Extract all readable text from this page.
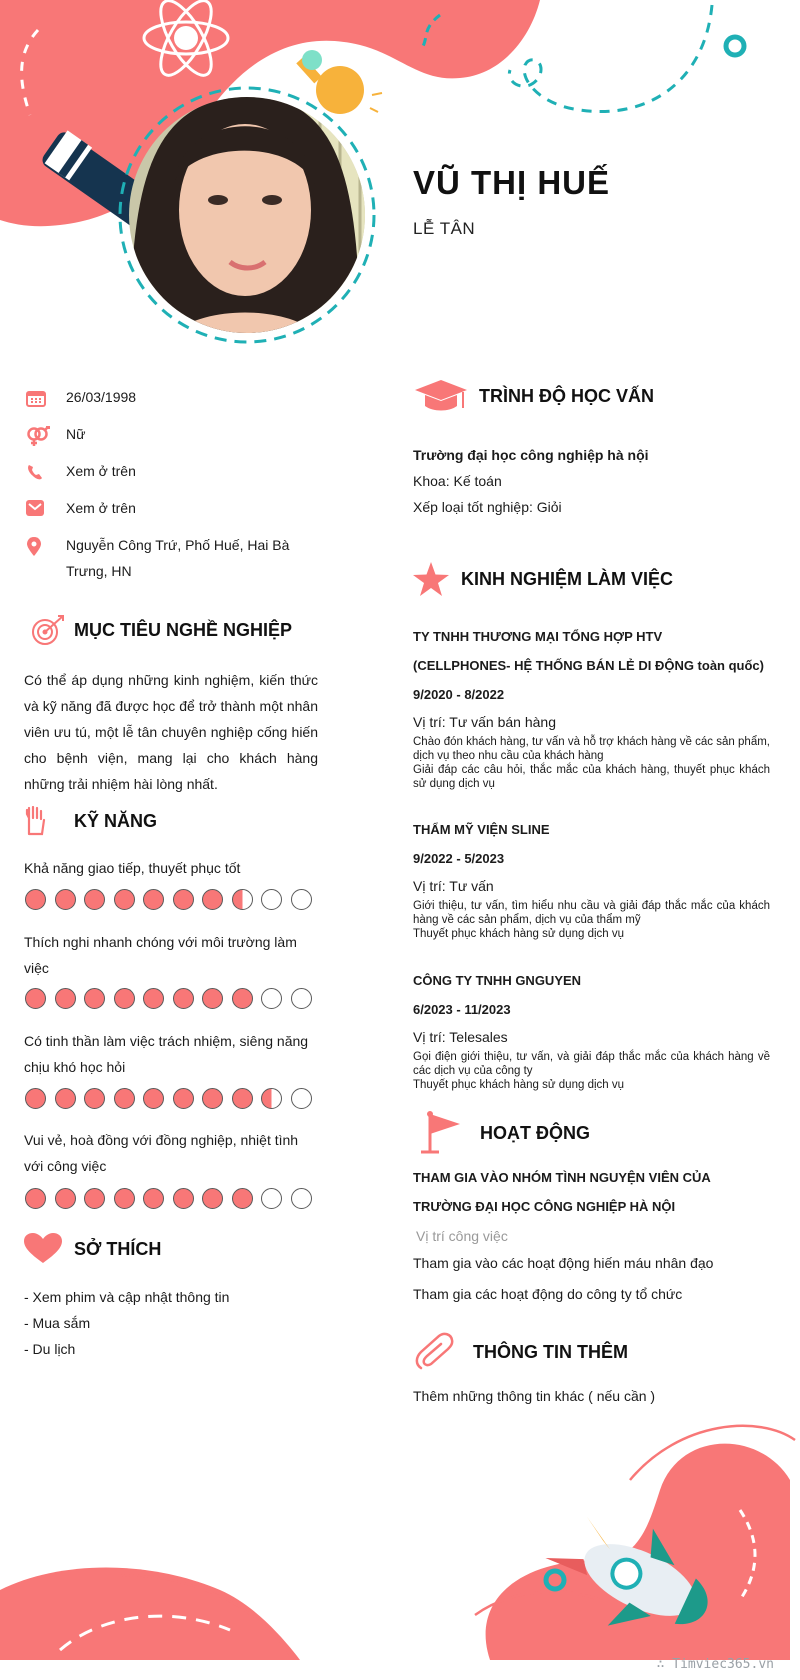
VŨ THỊ HUẾ
LỄ TÂN
26/03/1998
Nữ
Xem ở trên
Xem ở trên
Nguyễn Công Trứ, Phố Huế, Hai Bà Trưng, HN
MỤC TIÊU NGHỀ NGHIỆP
Có thể áp dụng những kinh nghiệm, kiến thức và kỹ năng đã được học để trở thành một nhân viên ưu tú, một lễ tân chuyên nghiệp cống hiến cho bệnh viện, mang lại cho khách hàng những trải nhiệm hài lòng nhất.
KỸ NĂNG
Khả năng giao tiếp, thuyết phục tốt
Thích nghi nhanh chóng với môi trường làm việc
Có tinh thần làm việc trách nhiệm, siêng năng chịu khó học hỏi
Vui vẻ, hoà đồng với đồng nghiệp, nhiệt tình với công việc
SỞ THÍCH
- Xem phim và cập nhật thông tin
- Mua sắm
- Du lịch
TRÌNH ĐỘ HỌC VẤN
Trường đại học công nghiệp hà nội
Khoa: Kế toán
Xếp loại tốt nghiệp: Giỏi
KINH NGHIỆM LÀM VIỆC
TY TNHH THƯƠNG MẠI TỔNG HỢP HTV
(CELLPHONES- HỆ THỐNG BÁN LẺ DI ĐỘNG toàn quốc)
9/2020 - 8/2022
Vị trí: Tư vấn bán hàng
Chào đón khách hàng, tư vấn và hỗ trợ khách hàng về các sản phẩm, dịch vụ theo nhu cầu của khách hàng
Giải đáp các câu hỏi, thắc mắc của khách hàng, thuyết phục khách sử dụng dịch vụ
THẨM MỸ VIỆN SLINE
9/2022 - 5/2023
Vị trí: Tư vấn
Giới thiệu, tư vấn, tìm hiểu nhu cầu và giải đáp thắc mắc của khách hàng về các sản phẩm, dịch vụ của thẩm mỹ
Thuyết phục khách hàng sử dụng dịch vụ
CÔNG TY TNHH GNGUYEN
6/2023 - 11/2023
Vị trí: Telesales
Gọi điện giới thiệu, tư vấn, và giải đáp thắc mắc của khách hàng về các dịch vụ của công ty
Thuyết phục khách hàng sử dụng dịch vụ
HOẠT ĐỘNG
THAM GIA VÀO NHÓM TÌNH NGUYỆN VIÊN CỦA
TRƯỜNG ĐẠI HỌC CÔNG NGHIỆP HÀ NỘI
Vị trí công việc
Tham gia vào các hoạt động hiến máu nhân đạo
Tham gia các hoạt động do công ty tổ chức
THÔNG TIN THÊM
Thêm những thông tin khác ( nếu cần )
∴ Timviec365.vn
